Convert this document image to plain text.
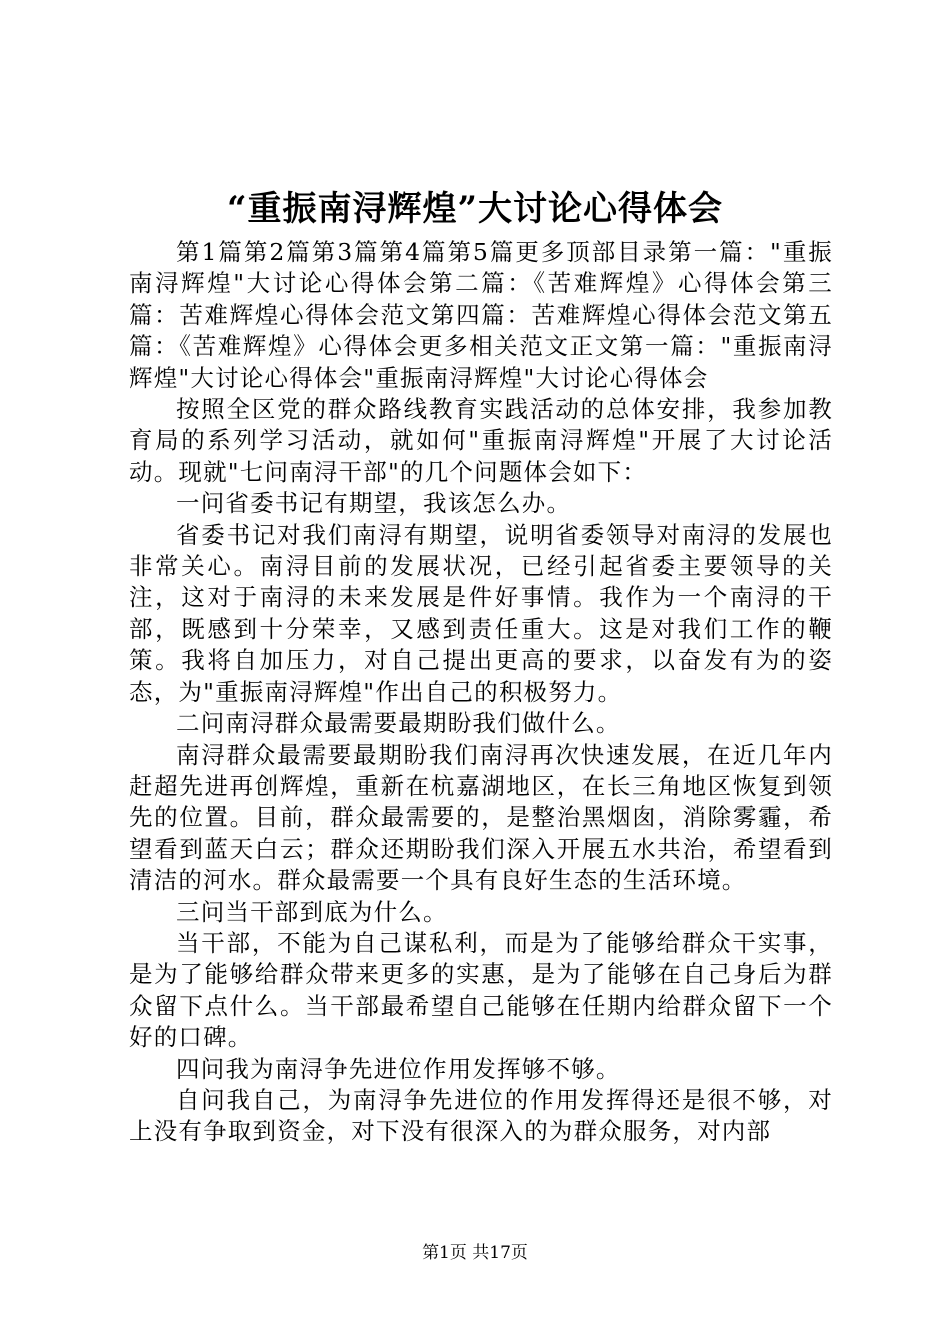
“重振南浔辉煌”大讨论心得体会

第1篇第2篇第3篇第4篇第5篇更多顶部目录第一篇："重振南浔辉煌"大讨论心得体会第二篇：《苦难辉煌》心得体会第三篇：苦难辉煌心得体会范文第四篇：苦难辉煌心得体会范文第五篇：《苦难辉煌》心得体会更多相关范文正文第一篇："重振南浔辉煌"大讨论心得体会"重振南浔辉煌"大讨论心得体会

按照全区党的群众路线教育实践活动的总体安排，我参加教育局的系列学习活动，就如何"重振南浔辉煌"开展了大讨论活动。现就"七问南浔干部"的几个问题体会如下：

一问省委书记有期望，我该怎么办。

省委书记对我们南浔有期望，说明省委领导对南浔的发展也非常关心。南浔目前的发展状况，已经引起省委主要领导的关注，这对于南浔的未来发展是件好事情。我作为一个南浔的干部，既感到十分荣幸，又感到责任重大。这是对我们工作的鞭策。我将自加压力，对自己提出更高的要求，以奋发有为的姿态，为"重振南浔辉煌"作出自己的积极努力。

二问南浔群众最需要最期盼我们做什么。

南浔群众最需要最期盼我们南浔再次快速发展，在近几年内赶超先进再创辉煌，重新在杭嘉湖地区，在长三角地区恢复到领先的位置。目前，群众最需要的，是整治黑烟囱，消除雾霾，希望看到蓝天白云；群众还期盼我们深入开展五水共治，希望看到清洁的河水。群众最需要一个具有良好生态的生活环境。

三问当干部到底为什么。

当干部，不能为自己谋私利，而是为了能够给群众干实事，是为了能够给群众带来更多的实惠，是为了能够在自己身后为群众留下点什么。当干部最希望自己能够在任期内给群众留下一个好的口碑。

四问我为南浔争先进位作用发挥够不够。

自问我自己，为南浔争先进位的作用发挥得还是很不够，对上没有争取到资金，对下没有很深入的为群众服务，对内部

第1页 共17页
